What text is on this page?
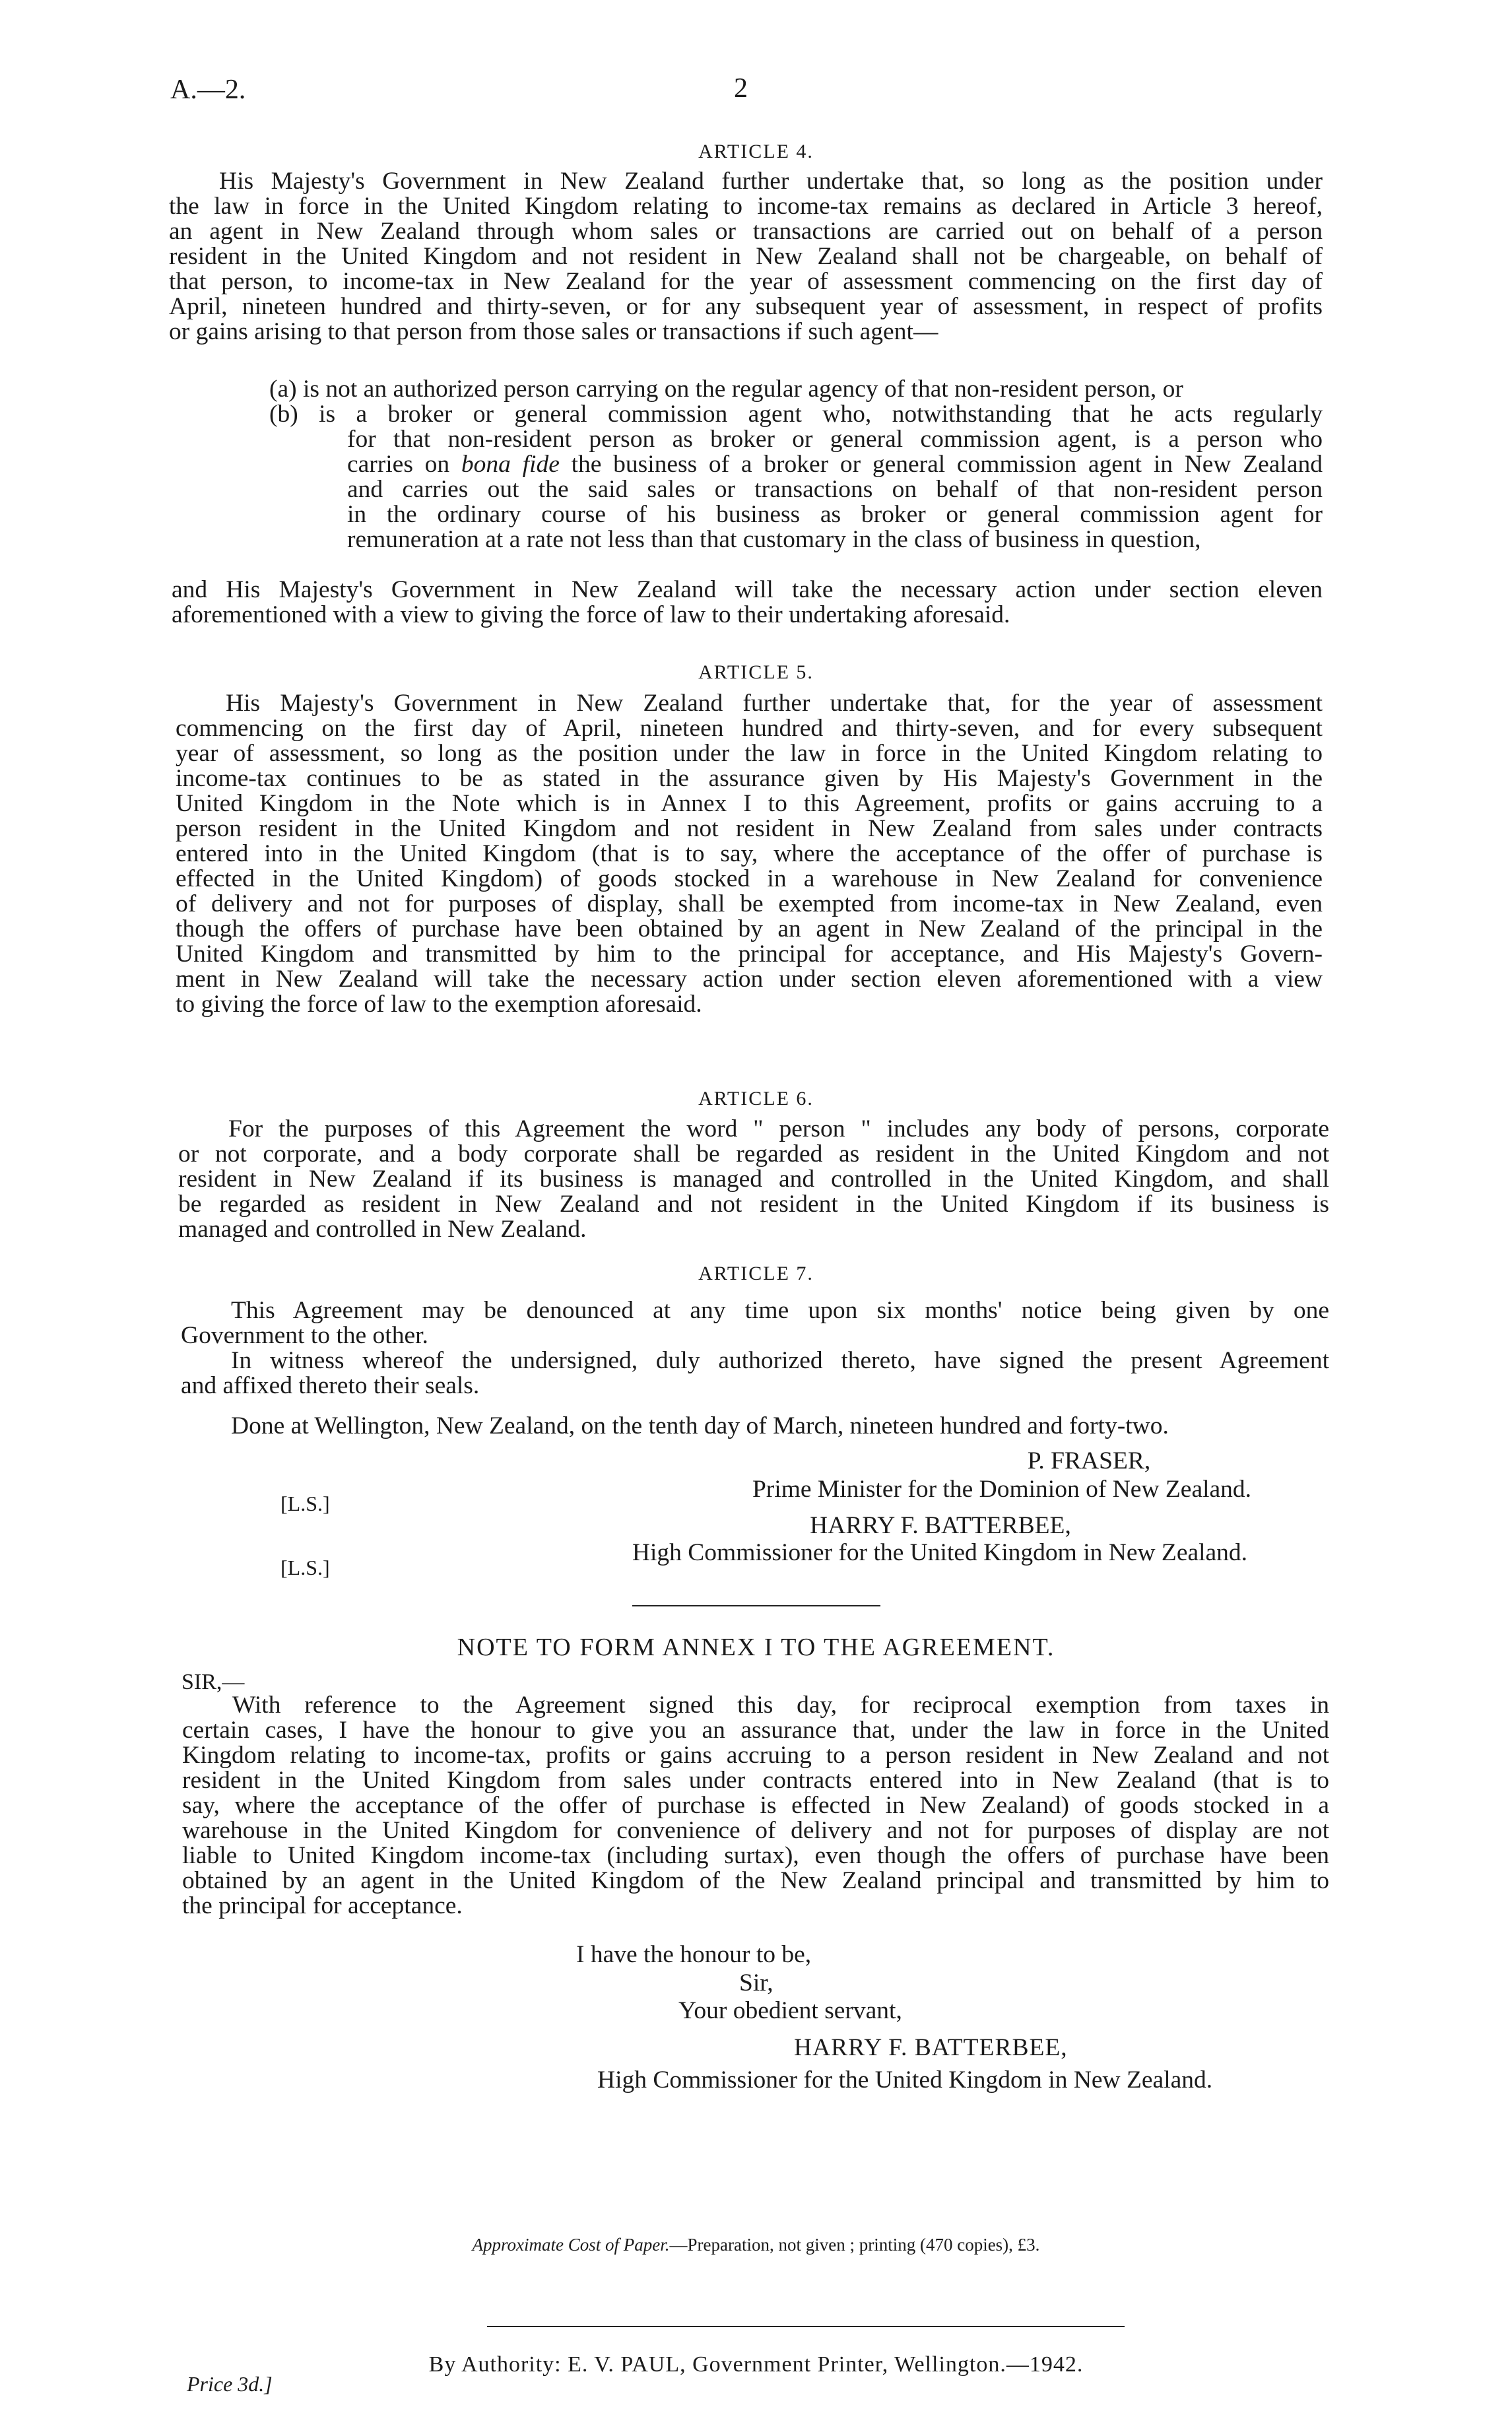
A.—2.	2
ARTICLE 4.
His Majesty's Government in New Zealand further undertake that, so long as the position under
the law in force in the United Kingdom relating to income-tax remains as declared in Article 3 hereof,
an agent in New Zealand through whom sales or transactions are carried out on behalf of a person
resident in the United Kingdom and not resident in New Zealand shall not be chargeable, on behalf of
that person, to income-tax in New Zealand for the year of assessment commencing on the first day of
April, nineteen hundred and thirty-seven, or for any subsequent year of assessment, in respect of profits
or gains arising to that person from those sales or transactions if such agent—
(a) is not an authorized person carrying on the regular agency of that non-resident person, or
(b) is a broker or general commission agent who, notwithstanding that he acts regularly
for that non-resident person as broker or general commission agent, is a person who
carries on bona fide the business of a broker or general commission agent in New Zealand
and carries out the said sales or transactions on behalf of that non-resident person
in the ordinary course of his business as broker or general commission agent for
remuneration at a rate not less than that customary in the class of business in question,
and His Majesty's Government in New Zealand will take the necessary action under section eleven
aforementioned with a view to giving the force of law to their undertaking aforesaid.
ARTICLE 5.
His Majesty's Government in New Zealand further undertake that, for the year of assessment
commencing on the first day of April, nineteen hundred and thirty-seven, and for every subsequent
year of assessment, so long as the position under the law in force in the United Kingdom relating to
income-tax continues to be as stated in the assurance given by His Majesty's Government in the
United Kingdom in the Note which is in Annex I to this Agreement, profits or gains accruing to a
person resident in the United Kingdom and not resident in New Zealand from sales under contracts
entered into in the United Kingdom (that is to say, where the acceptance of the offer of purchase is
effected in the United Kingdom) of goods stocked in a warehouse in New Zealand for convenience
of delivery and not for purposes of display, shall be exempted from income-tax in New Zealand, even
though the offers of purchase have been obtained by an agent in New Zealand of the principal in the
United Kingdom and transmitted by him to the principal for acceptance, and His Majesty's Govern-
ment in New Zealand will take the necessary action under section eleven aforementioned with a view
to giving the force of law to the exemption aforesaid.
ARTICLE 6.
For the purposes of this Agreement the word " person " includes any body of persons, corporate
or not corporate, and a body corporate shall be regarded as resident in the United Kingdom and not
resident in New Zealand if its business is managed and controlled in the United Kingdom, and shall
be regarded as resident in New Zealand and not resident in the United Kingdom if its business is
managed and controlled in New Zealand.
ARTICLE 7.
This Agreement may be denounced at any time upon six months' notice being given by one
Government to the other.
In witness whereof the undersigned, duly authorized thereto, have signed the present Agreement
and affixed thereto their seals.
Done at Wellington, New Zealand, on the tenth day of March, nineteen hundred and forty-two.
P. FRASER,
[L.S.]
Prime Minister for the Dominion of New Zealand.
HARRY F. BATTERBEE,
[L.S.]
High Commissioner for the United Kingdom in New Zealand.
NOTE TO FORM ANNEX I TO THE AGREEMENT.
SIR,—
With reference to the Agreement signed this day, for reciprocal exemption from taxes in
certain cases, I have the honour to give you an assurance that, under the law in force in the United
Kingdom relating to income-tax, profits or gains accruing to a person resident in New Zealand and not
resident in the United Kingdom from sales under contracts entered into in New Zealand (that is to
say, where the acceptance of the offer of purchase is effected in New Zealand) of goods stocked in a
warehouse in the United Kingdom for convenience of delivery and not for purposes of display are not
liable to United Kingdom income-tax (including surtax), even though the offers of purchase have been
obtained by an agent in the United Kingdom of the New Zealand principal and transmitted by him to
the principal for acceptance.
I have the honour to be,
Sir,
Your obedient servant,
HARRY F. BATTERBEE,
High Commissioner for the United Kingdom in New Zealand.
Approximate Cost of Paper.—Preparation, not given ; printing (470 copies), £3.
By Authority: E. V. PAUL, Government Printer, Wellington.—1942.
Price 3d.]
